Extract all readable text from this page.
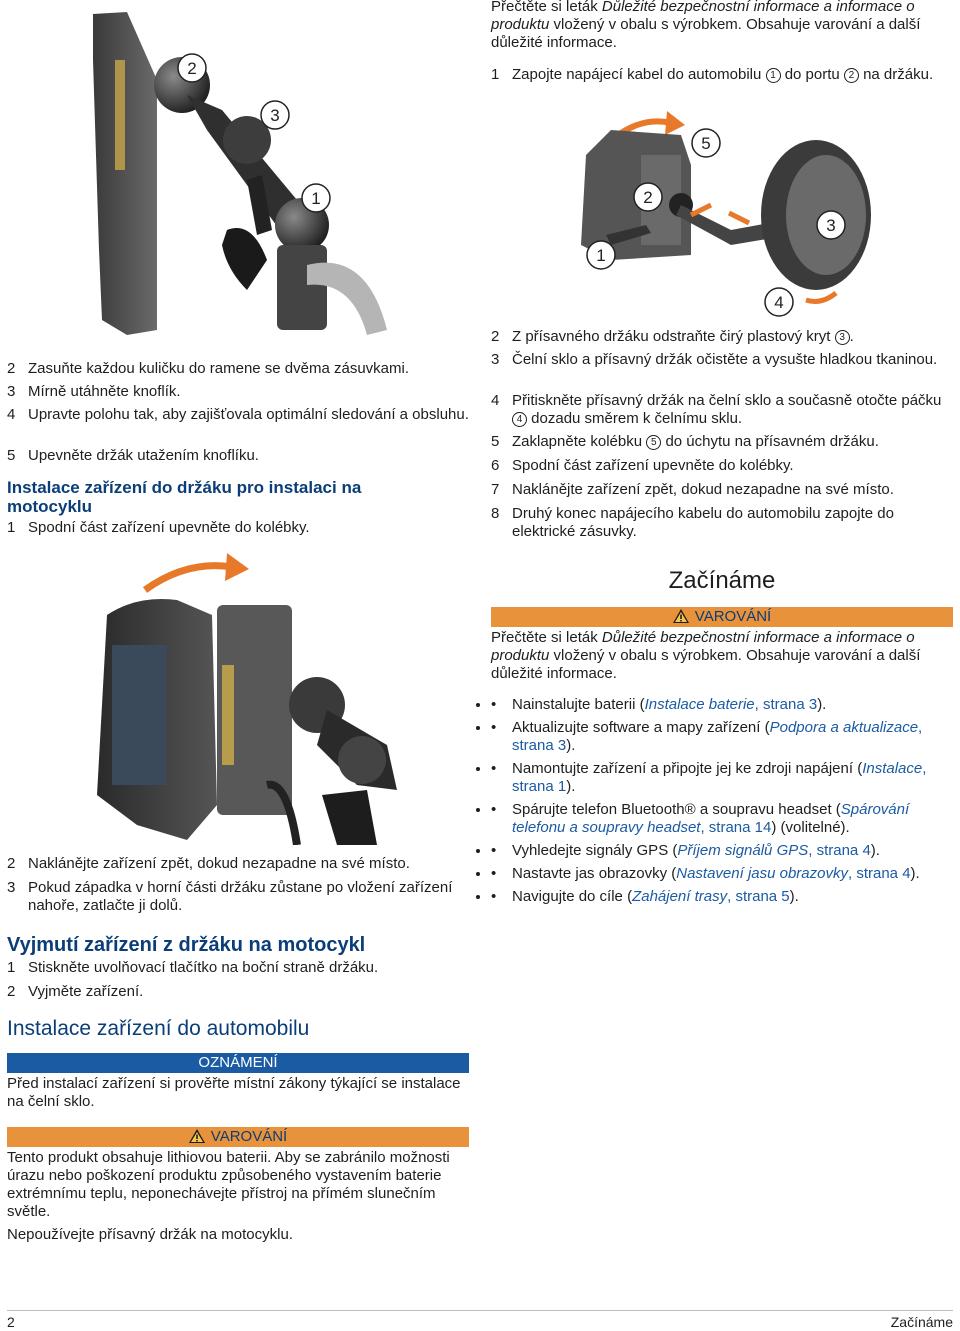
2
3
1
2 Zasuňte každou kuličku do ramene se dvěma zásuvkami.
3 Mírně utáhněte knoflík.
4 Upravte polohu tak, aby zajišťovala optimální sledování a obsluhu.
5 Upevněte držák utažením knoflíku.
Instalace zařízení do držáku pro instalaci na motocyklu
1 Spodní část zařízení upevněte do kolébky.
2 Nakláněјte zařízení zpět, dokud nezapadne na své místo.
3 Pokud západka v horní části držáku zůstane po vložení zařízení nahoře, zatlačte ji dolů.
Vyjmutí zařízení z držáku na motocykl
1 Stiskněte uvolňovací tlačítko na boční straně držáku.
2 Vyjměte zařízení.
Instalace zařízení do automobilu
OZNÁMENÍ
Před instalací zařízení si prověřte místní zákony týkající se instalace na čelní sklo.
VAROVÁNÍ
Tento produkt obsahuje lithiovou baterii. Aby se zabránilo možnosti úrazu nebo poškození produktu způsobeného vystavením baterie extrémnímu teplu, neponechávejte přístroj na přímém slunečním světle.
Nepoužívejte přísavný držák na motocyklu.
Přečtěte si leták Důležité bezpečnostní informace a informace o produktu vložený v obalu s výrobkem. Obsahuje varování a další důležité informace.
1 Zapojte napájecí kabel do automobilu 1 do portu 2 na držáku.
5
2
3
1
4
2 Z přísavného držáku odstraňte čirý plastový kryt 3 .
3 Čelní sklo a přísavný držák očistěte a vysušte hladkou tkaninou.
4 Přitiskněte přísavný držák na čelní sklo a současně otočte páčku 4 dozadu směrem k čelnímu sklu.
5 Zaklapněte kolébku 5 do úchytu na přísavném držáku.
6 Spodní část zařízení upevněte do kolébky.
7 Naklánějte zařízení zpět, dokud nezapadne na své místo.
8 Druhý konec napájecího kabelu do automobilu zapojte do elektrické zásuvky.
Začínáme
VAROVÁNÍ
Přečtěte si leták Důležité bezpečnostní informace a informace o produktu vložený v obalu s výrobkem. Obsahuje varování a další důležité informace.
• • Nainstalujte baterii (Instalace baterie, strana 3).
• • Aktualizujte software a mapy zařízení (Podpora a aktualizace, strana 3).
• • Namontujte zařízení a připojte jej ke zdroji napájení (Instalace, strana 1).
• • Spárujte telefon Bluetooth® a soupravu headset (Spárování telefonu a soupravy headset, strana 14) (volitelné).
• • Vyhledejte signály GPS (Příjem signálů GPS, strana 4).
• • Nastavte jas obrazovky (Nastavení jasu obrazovky, strana 4).
• • Navigujte do cíle (Zahájení trasy, strana 5).
2	Začínáme
